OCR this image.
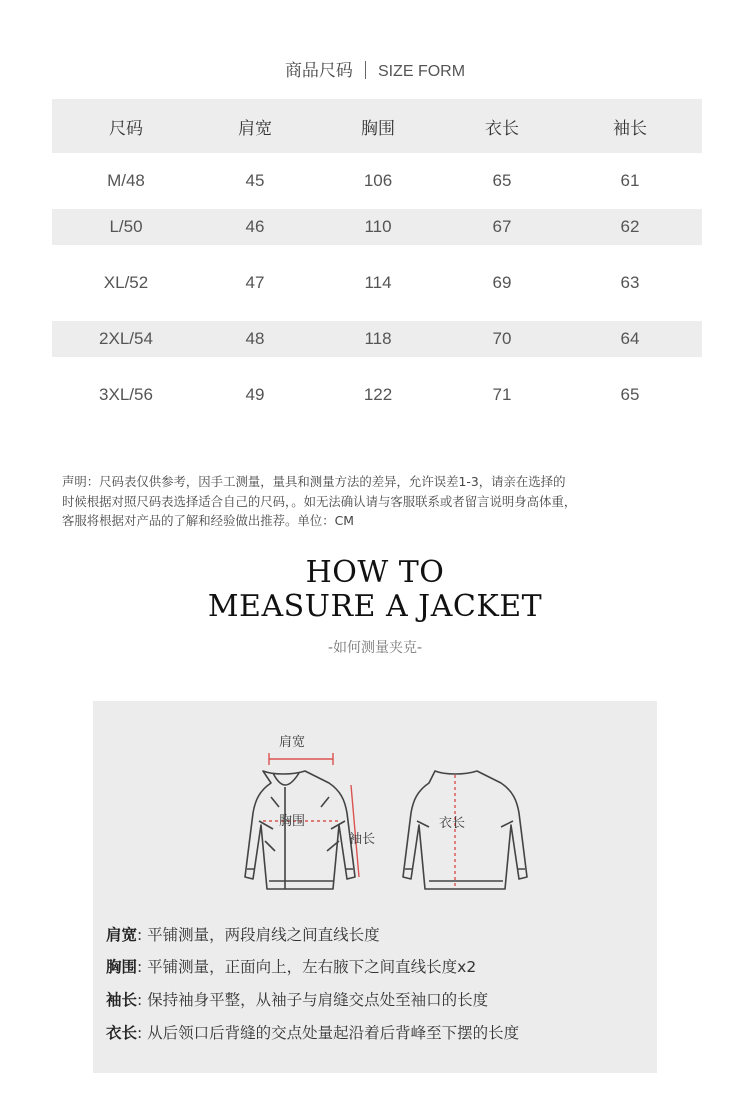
商品尺码 SIZE FORM
尺码	肩宽	胸围	衣长	袖长
M/48	45	106	65	61
L/50	46	110	67	62
XL/52	47	114	69	63
2XL/54	48	118	70	64
3XL/56	49	122	71	65
声明：尺码表仅供参考，因手工测量，量具和测量方法的差异，允许误差1-3，请亲在选择的
时候根据对照尺码表选择适合自己的尺码，。如无法确认请与客服联系或者留言说明身高体重，
客服将根据对产品的了解和经验做出推荐。单位：CM
HOW TO
MEASURE A JACKET
-如何测量夹克-
肩宽
胸围
袖长
衣长
肩宽: 平铺测量，两段肩线之间直线长度
胸围: 平铺测量，正面向上，左右腋下之间直线长度x2
袖长: 保持袖身平整，从袖子与肩缝交点处至袖口的长度
衣长: 从后领口后背缝的交点处量起沿着后背峰至下摆的长度
